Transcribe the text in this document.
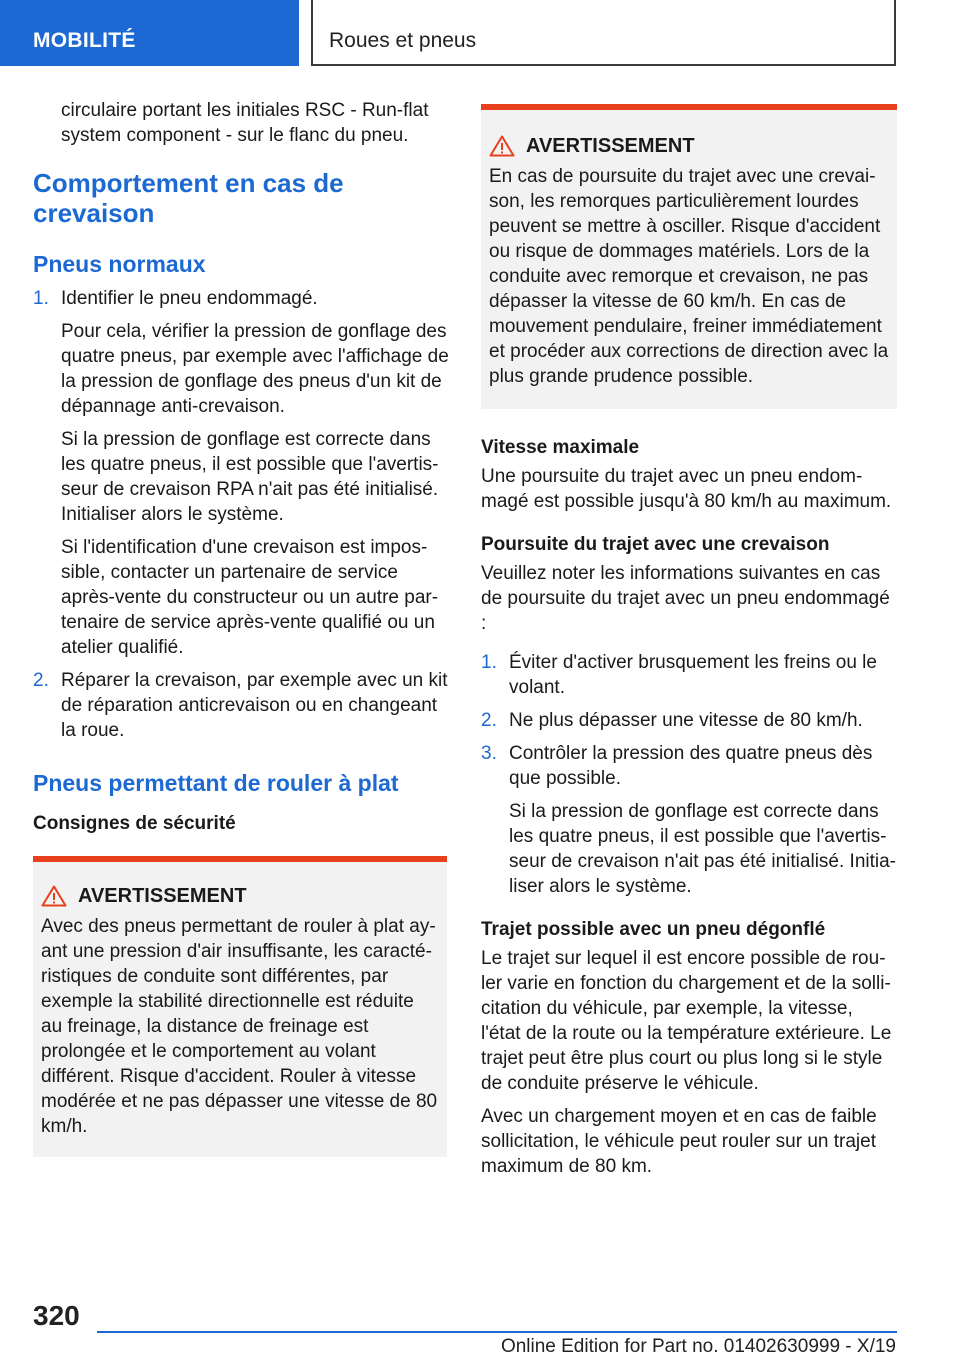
MOBILITÉ	Roues et pneus

circulaire portant les initiales RSC - Run-flat system component - sur le flanc du pneu.

Comportement en cas de crevaison
Pneus normaux
1. Identifier le pneu endommagé.

Pour cela, vérifier la pression de gonflage des quatre pneus, par exemple avec l'affichage de la pression de gonflage des pneus d'un kit de dépannage anti-crevaison.

Si la pression de gonflage est correcte dans les quatre pneus, il est possible que l'avertisseur de crevaison RPA n'ait pas été initialisé. Initialiser alors le système.

Si l'identification d'une crevaison est impossible, contacter un partenaire de service après-vente du constructeur ou un autre partenaire de service après-vente qualifié ou un atelier qualifié.

2. Réparer la crevaison, par exemple avec un kit de réparation anticrevaison ou en changeant la roue.

Pneus permettant de rouler à plat
Consignes de sécurité
AVERTISSEMENT

Avec des pneus permettant de rouler à plat ayant une pression d'air insuffisante, les caractéristiques de conduite sont différentes, par exemple la stabilité directionnelle est réduite au freinage, la distance de freinage est prolongée et le comportement au volant différent. Risque d'accident. Rouler à vitesse modérée et ne pas dépasser une vitesse de 80 km/h.

AVERTISSEMENT

En cas de poursuite du trajet avec une crevaison, les remorques particulièrement lourdes peuvent se mettre à osciller. Risque d'accident ou risque de dommages matériels. Lors de la conduite avec remorque et crevaison, ne pas dépasser la vitesse de 60 km/h. En cas de mouvement pendulaire, freiner immédiatement et procéder aux corrections de direction avec la plus grande prudence possible.

Vitesse maximale

Une poursuite du trajet avec un pneu endommagé est possible jusqu'à 80 km/h au maximum.

Poursuite du trajet avec une crevaison

Veuillez noter les informations suivantes en cas de poursuite du trajet avec un pneu endommagé :

1. Éviter d'activer brusquement les freins ou le volant.

2. Ne plus dépasser une vitesse de 80 km/h.

3. Contrôler la pression des quatre pneus dès que possible.

Si la pression de gonflage est correcte dans les quatre pneus, il est possible que l'avertisseur de crevaison n'ait pas été initialisé. Initialiser alors le système.

Trajet possible avec un pneu dégonflé

Le trajet sur lequel il est encore possible de rouler varie en fonction du chargement et de la sollicitation du véhicule, par exemple, la vitesse, l'état de la route ou la température extérieure. Le trajet peut être plus court ou plus long si le style de conduite préserve le véhicule.

Avec un chargement moyen et en cas de faible sollicitation, le véhicule peut rouler sur un trajet maximum de 80 km.

320
Online Edition for Part no. 01402630999 - X/19
